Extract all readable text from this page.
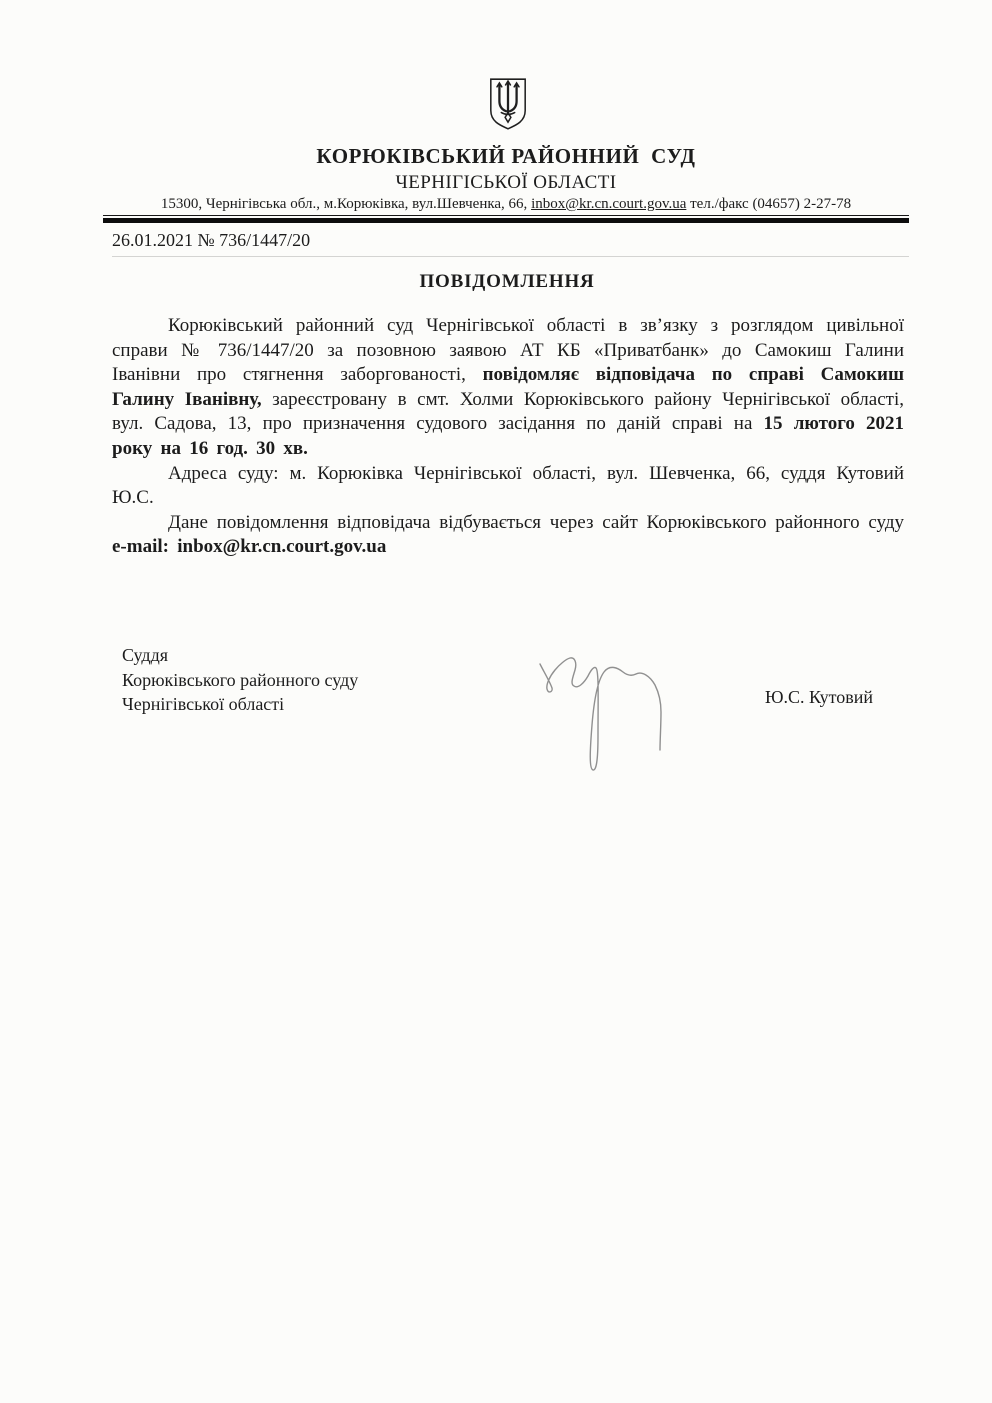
КОРЮКІВСЬКИЙ РАЙОННИЙ  СУД
ЧЕРНІГІСЬКОЇ ОБЛАСТІ
15300, Чернігівська обл., м.Корюківка, вул.Шевченка, 66, inbox@kr.cn.court.gov.ua тел./факс (04657) 2-27-78
26.01.2021 № 736/1447/20
ПОВІДОМЛЕННЯ

Корюківський районний суд Чернігівської області в зв’язку з розглядом цивільної справи № 736/1447/20 за позовною заявою АТ КБ «Приватбанк» до Самокиш Галини Іванівни про стягнення заборгованості, повідомляє відповідача по справі Самокиш Галину Іванівну, зареєстровану в смт. Холми Корюківського району Чернігівської області, вул. Садова, 13, про призначення судового засідання по даній справі на 15 лютого 2021 року на 16 год. 30 хв.

Адреса суду: м. Корюківка Чернігівської області, вул. Шевченка, 66, суддя Кутовий Ю.С.

Дане повідомлення відповідача відбувається через сайт Корюківського районного суду e-mail: inbox@kr.cn.court.gov.ua

Суддя
Корюківського районного суду
Чернігівської області	Ю.С. Кутовий
